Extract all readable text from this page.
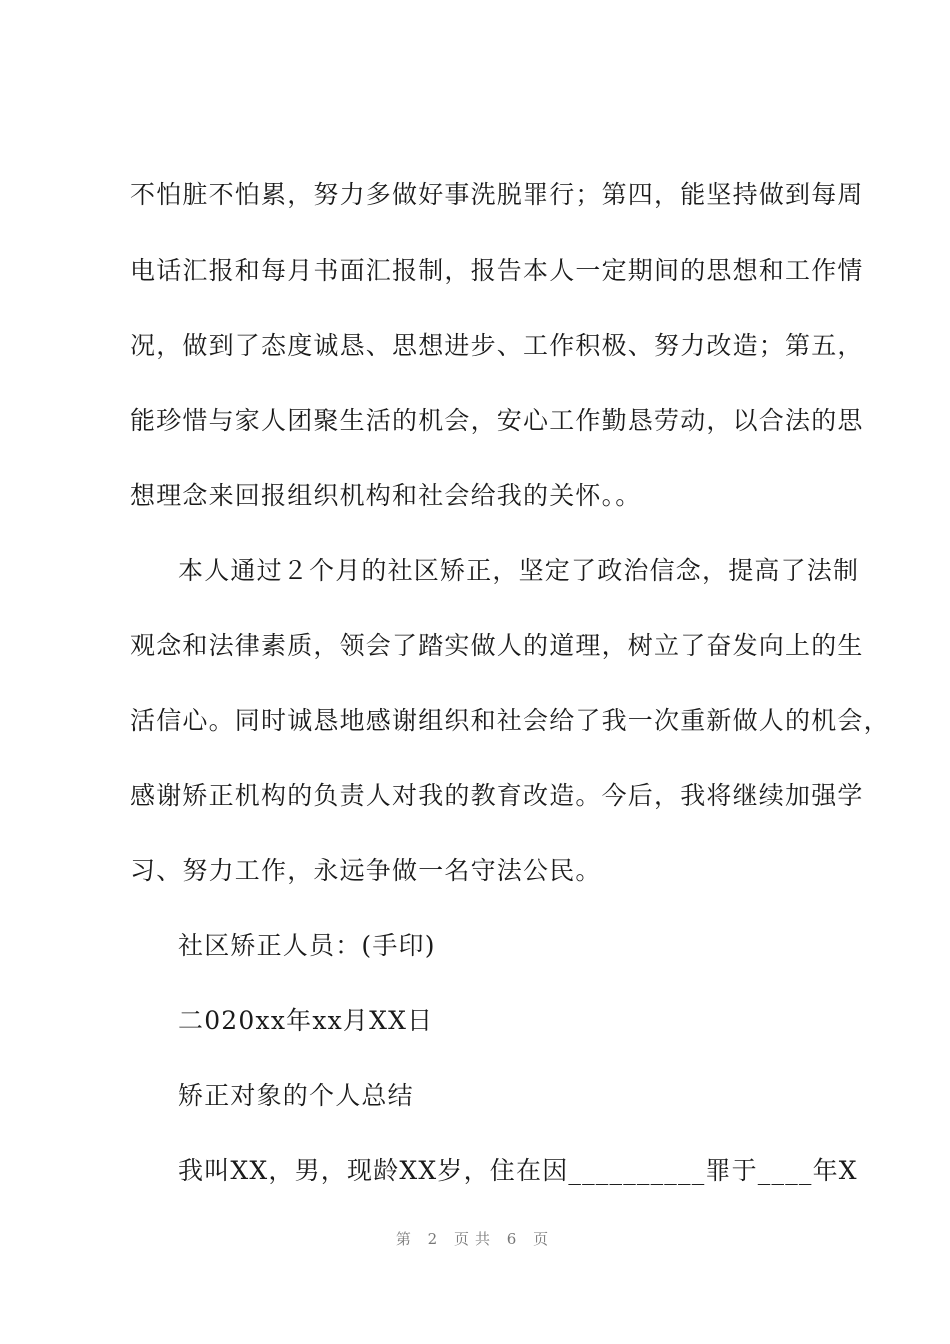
不怕脏不怕累，努力多做好事洗脱罪行；第四，能坚持做到每周
电话汇报和每月书面汇报制，报告本人一定期间的思想和工作情
况，做到了态度诚恳、思想进步、工作积极、努力改造；第五，
能珍惜与家人团聚生活的机会，安心工作勤恳劳动，以合法的思
想理念来回报组织机构和社会给我的关怀。。
本人通过２个月的社区矫正，坚定了政治信念，提高了法制
观念和法律素质，领会了踏实做人的道理，树立了奋发向上的生
活信心。同时诚恳地感谢组织和社会给了我一次重新做人的机会，
感谢矫正机构的负责人对我的教育改造。今后，我将继续加强学
习、努力工作，永远争做一名守法公民。
社区矫正人员：(手印)
二020xx年xx月XX日
矫正对象的个人总结
我叫XX，男，现龄XX岁，住在因__________罪于____年X
第 2 页共 6 页
